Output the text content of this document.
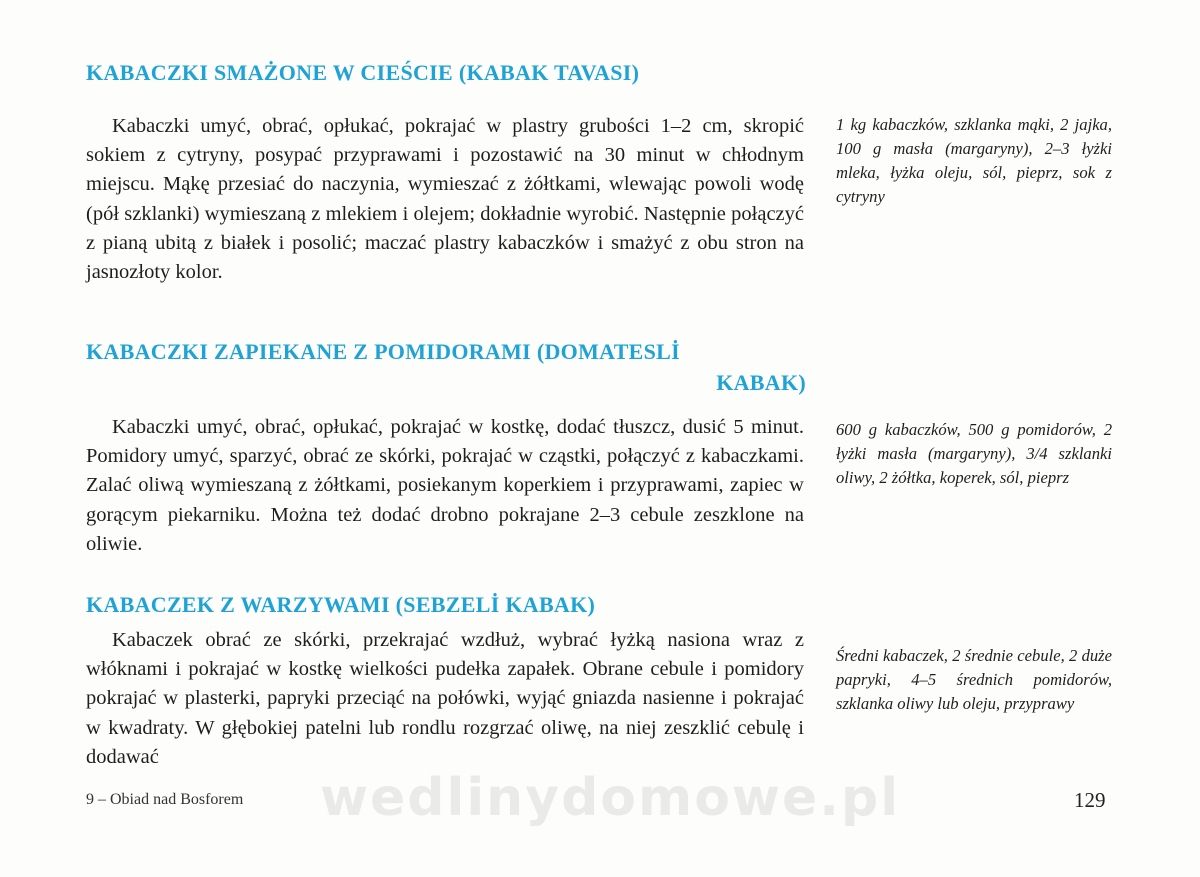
KABACZKI SMAŻONE W CIEŚCIE (KABAK TAVASI)

Kabaczki umyć, obrać, opłukać, pokrajać w plastry grubości 1–2 cm, skropić sokiem z cytryny, posypać przyprawami i pozostawić na 30 minut w chłodnym miejscu. Mąkę przesiać do naczynia, wymieszać z żółtkami, wlewając powoli wodę (pół szklanki) wymieszaną z mlekiem i olejem; dokładnie wyrobić. Następnie połączyć z pianą ubitą z białek i posolić; maczać plastry kabaczków i smażyć z obu stron na jasnozłoty kolor.

1 kg kabaczków, szklanka mąki, 2 jajka, 100 g masła (margaryny), 2–3 łyżki mleka, łyżka oleju, sól, pieprz, sok z cytryny

KABACZKI ZAPIEKANE Z POMIDORAMI (DOMATESLİ
KABAK)

Kabaczki umyć, obrać, opłukać, pokrajać w kostkę, dodać tłuszcz, dusić 5 minut. Pomidory umyć, sparzyć, obrać ze skórki, pokrajać w cząstki, połączyć z kabaczkami. Zalać oliwą wymieszaną z żółtkami, posiekanym koperkiem i przyprawami, zapiec w gorącym piekarniku. Można też dodać drobno pokrajane 2–3 cebule zeszklone na oliwie.

600 g kabaczków, 500 g pomidorów, 2 łyżki masła (margaryny), 3/4 szklanki oliwy, 2 żółtka, koperek, sól, pieprz

KABACZEK Z WARZYWAMI (SEBZELİ KABAK)

Kabaczek obrać ze skórki, przekrajać wzdłuż, wybrać łyżką nasiona wraz z włóknami i pokrajać w kostkę wielkości pudełka zapałek. Obrane cebule i pomidory pokrajać w plasterki, papryki przeciąć na połówki, wyjąć gniazda nasienne i pokrajać w kwadraty. W głębokiej patelni lub rondlu rozgrzać oliwę, na niej zeszklić cebulę i dodawać

Średni kabaczek, 2 średnie cebule, 2 duże papryki, 4–5 średnich pomidorów, szklanka oliwy lub oleju, przyprawy

wedlinydomowe.pl
9 – Obiad nad Bosforem	129
